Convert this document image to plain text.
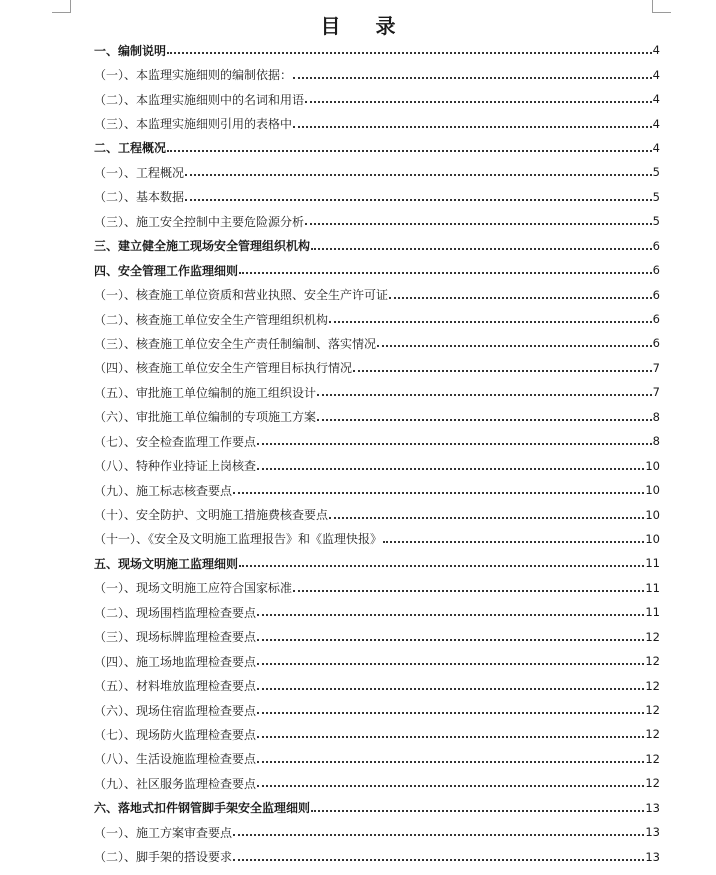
目 录
一、编制说明	4
（一）、本监理实施细则的编制依据：	4
（二）、本监理实施细则中的名词和用语	4
（三）、本监理实施细则引用的表格中	4
二、工程概况	4
（一）、工程概况	5
（二）、基本数据	5
（三）、施工安全控制中主要危险源分析	5
三、建立健全施工现场安全管理组织机构	6
四、安全管理工作监理细则	6
（一）、核查施工单位资质和营业执照、安全生产许可证	6
（二）、核查施工单位安全生产管理组织机构	6
（三）、核查施工单位安全生产责任制编制、落实情况	6
（四）、核查施工单位安全生产管理目标执行情况	7
（五）、审批施工单位编制的施工组织设计	7
（六）、审批施工单位编制的专项施工方案	8
（七）、安全检查监理工作要点	8
（八）、特种作业持证上岗核查	10
（九）、施工标志核查要点	10
（十）、安全防护、文明施工措施费核查要点	10
（十一）、《安全及文明施工监理报告》和《监理快报》	10
五、现场文明施工监理细则	11
（一）、现场文明施工应符合国家标准	11
（二）、现场围档监理检查要点	11
（三）、现场标牌监理检查要点	12
（四）、施工场地监理检查要点	12
（五）、材料堆放监理检查要点	12
（六）、现场住宿监理检查要点	12
（七）、现场防火监理检查要点	12
（八）、生活设施监理检查要点	12
（九）、社区服务监理检查要点	12
六、落地式扣件钢管脚手架安全监理细则	13
（一）、施工方案审查要点	13
（二）、脚手架的搭设要求	13
